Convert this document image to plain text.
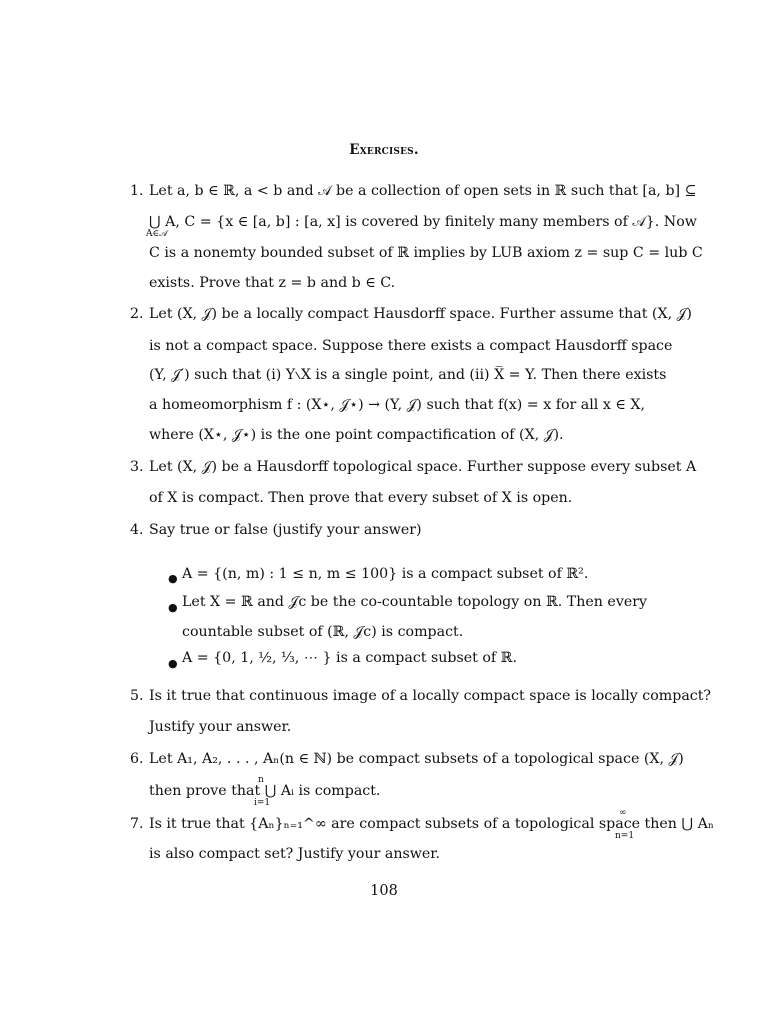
Exercises.
1. Let a, b ∈ ℝ, a < b and 𝒜 be a collection of open sets in ℝ such that [a, b] ⊆
⋃ A, C = {x ∈ [a, b] : [a, x] is covered by finitely many members of 𝒜}. Now
A∈𝒜
C is a nonemty bounded subset of ℝ implies by LUB axiom z = sup C = lub C
exists. Prove that z = b and b ∈ C.
2. Let (X, 𝒥) be a locally compact Hausdorff space. Further assume that (X, 𝒥)
is not a compact space. Suppose there exists a compact Hausdorff space
(Y, 𝒥′) such that (i) Y∖X is a single point, and (ii) X̅ = Y. Then there exists
a homeomorphism f : (X⋆, 𝒥⋆) → (Y, 𝒥) such that f(x) = x for all x ∈ X,
where (X⋆, 𝒥⋆) is the one point compactification of (X, 𝒥).
3. Let (X, 𝒥) be a Hausdorff topological space. Further suppose every subset A
of X is compact. Then prove that every subset of X is open.
4. Say true or false (justify your answer)
● A = {(n, m) : 1 ≤ n, m ≤ 100} is a compact subset of ℝ².
● Let X = ℝ and 𝒥c be the co-countable topology on ℝ. Then every
countable subset of (ℝ, 𝒥c) is compact.
● A = {0, 1, ½, ⅓, ⋯ } is a compact subset of ℝ.
5. Is it true that continuous image of a locally compact space is locally compact?
Justify your answer.
6. Let A₁, A₂, . . . , Aₙ(n ∈ ℕ) be compact subsets of a topological space (X, 𝒥)
n
then prove that ⋃ Aᵢ is compact.
i=1
7. Is it true that {Aₙ}ₙ₌₁^∞ are compact subsets of a topological space then ⋃ Aₙ
∞
n=1
is also compact set? Justify your answer.
108
